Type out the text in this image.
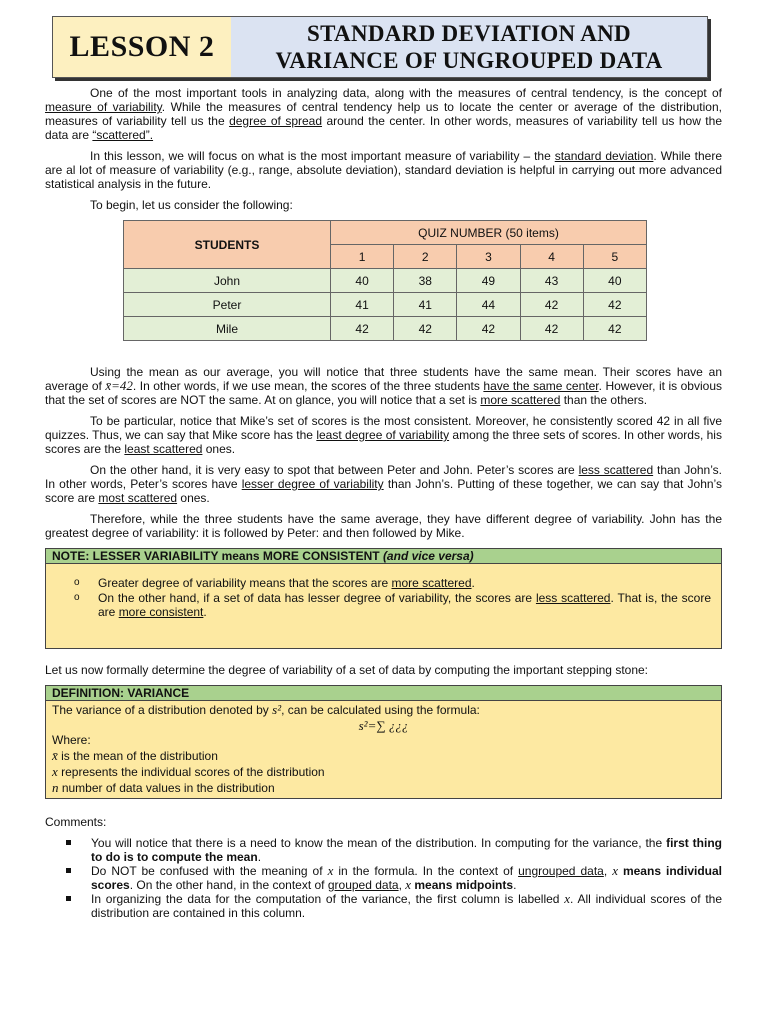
LESSON 2	STANDARD DEVIATION AND
VARIANCE OF UNGROUPED DATA

One of the most important tools in analyzing data, along with the measures of central tendency, is the concept of measure of variability. While the measures of central tendency help us to locate the center or average of the distribution, measures of variability tell us the degree of spread around the center. In other words, measures of variability tell us how the data are “scattered”.

In this lesson, we will focus on what is the most important measure of variability – the standard deviation. While there are al lot of measure of variability (e.g., range, absolute deviation), standard deviation is helpful in carrying out more advanced statistical analysis in the future.

To begin, let us consider the following:

STUDENTS	QUIZ NUMBER (50 items)				
	1	2	3	4	5
John	40	38	49	43	40
Peter	41	41	44	42	42
Mile	42	42	42	42	42

Using the mean as our average, you will notice that three students have the same mean. Their scores have an average of x̄=42. In other words, if we use mean, the scores of the three students have the same center. However, it is obvious that the set of scores are NOT the same. At on glance, you will notice that a set is more scattered than the others.

To be particular, notice that Mike’s set of scores is the most consistent. Moreover, he consistently scored 42 in all five quizzes. Thus, we can say that Mike score has the least degree of variability among the three sets of scores. In other words, his scores are the least scattered ones.

On the other hand, it is very easy to spot that between Peter and John. Peter’s scores are less scattered than John’s. In other words, Peter’s scores have lesser degree of variability than John’s. Putting of these together, we can say that John’s score are most scattered ones.

Therefore, while the three students have the same average, they have different degree of variability. John has the greatest degree of variability: it is followed by Peter: and then followed by Mike.

NOTE: LESSER VARIABILITY means MORE CONSISTENT (and vice versa)
o Greater degree of variability means that the scores are more scattered.
o On the other hand, if a set of data has lesser degree of variability, the scores are less scattered. That is, the score are more consistent.

Let us now formally determine the degree of variability of a set of data by computing the important stepping stone:

DEFINITION: VARIANCE
The variance of a distribution denoted by s², can be calculated using the formula:
s²=∑ ¿¿¿
Where:
x̄ is the mean of the distribution
x represents the individual scores of the distribution
n number of data values in the distribution

Comments:

You will notice that there is a need to know the mean of the distribution. In computing for the variance, the first thing to do is to compute the mean.
Do NOT be confused with the meaning of x in the formula. In the context of ungrouped data, x means individual scores. On the other hand, in the context of grouped data, x means midpoints.
In organizing the data for the computation of the variance, the first column is labelled x. All individual scores of the distribution are contained in this column.
